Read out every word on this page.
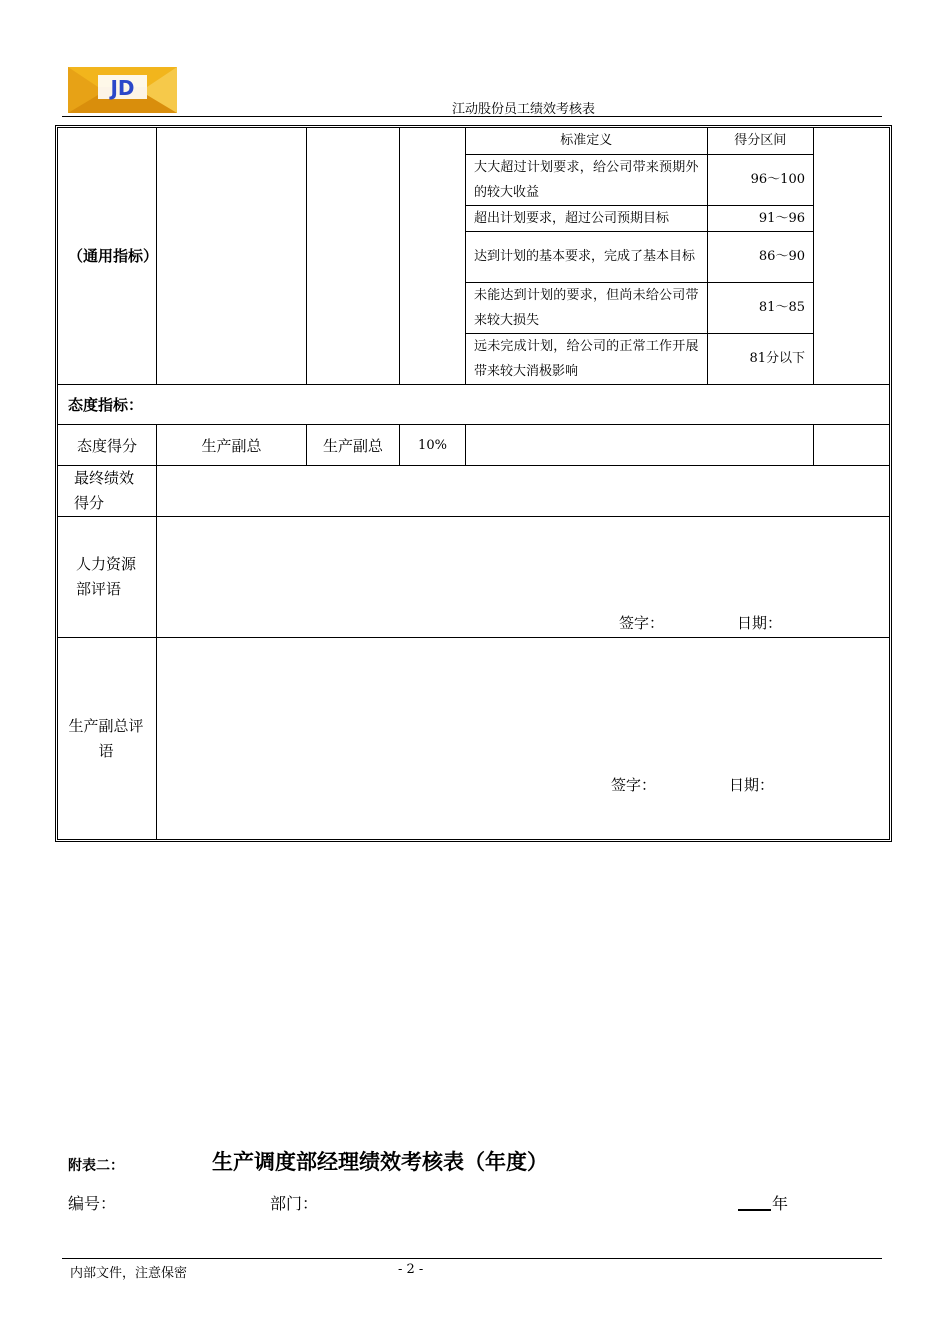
JD
江动股份员工绩效考核表
（通用指标）				
标准定义	得分区间
大大超过计划要求，给公司带来预期外的较大收益	96～100
超出计划要求，超过公司预期目标	91～96
达到计划的基本要求，完成了基本目标	86～90
未能达到计划的要求，但尚未给公司带来较大损失	81～85
远未完成计划，给公司的正常工作开展带来较大消极影响	81分以下

态度指标：
态度得分	生产副总	生产副总	10%		
最终绩效得分	
人力资源部评语	
签字：	日期：

生产副总评语	
签字：	日期：
附表二：	生产调度部经理绩效考核表（年度）
编号：	部门：	年
内部文件，注意保密	- 2 -
